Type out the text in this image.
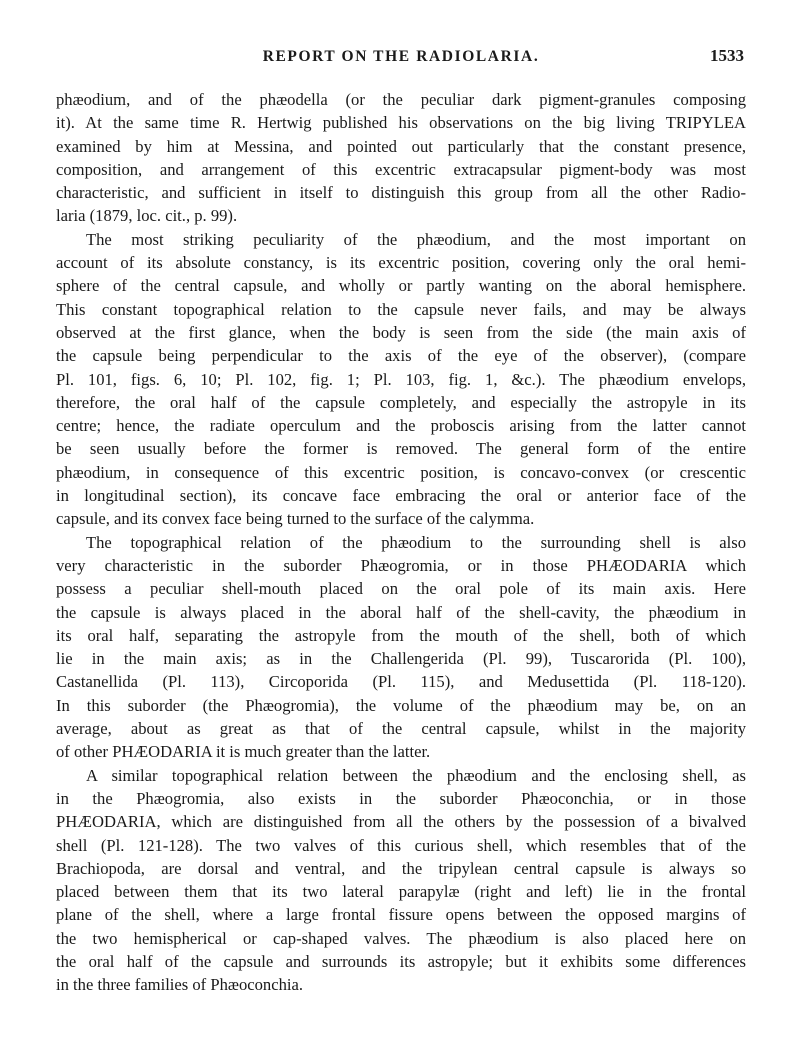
REPORT ON THE RADIOLARIA.	1533
phæodium, and of the phæodella (or the peculiar dark pigment-granules composing
it). At the same time R. Hertwig published his observations on the big living TRIPYLEA
examined by him at Messina, and pointed out particularly that the constant presence,
composition, and arrangement of this excentric extracapsular pigment-body was most
characteristic, and sufficient in itself to distinguish this group from all the other Radio-
laria (1879, loc. cit., p. 99).
The most striking peculiarity of the phæodium, and the most important on
account of its absolute constancy, is its excentric position, covering only the oral hemi-
sphere of the central capsule, and wholly or partly wanting on the aboral hemisphere.
This constant topographical relation to the capsule never fails, and may be always
observed at the first glance, when the body is seen from the side (the main axis of
the capsule being perpendicular to the axis of the eye of the observer), (compare
Pl. 101, figs. 6, 10; Pl. 102, fig. 1; Pl. 103, fig. 1, &c.). The phæodium envelops,
therefore, the oral half of the capsule completely, and especially the astropyle in its
centre; hence, the radiate operculum and the proboscis arising from the latter cannot
be seen usually before the former is removed. The general form of the entire
phæodium, in consequence of this excentric position, is concavo-convex (or crescentic
in longitudinal section), its concave face embracing the oral or anterior face of the
capsule, and its convex face being turned to the surface of the calymma.
The topographical relation of the phæodium to the surrounding shell is also
very characteristic in the suborder Phæogromia, or in those PHÆODARIA which
possess a peculiar shell-mouth placed on the oral pole of its main axis. Here
the capsule is always placed in the aboral half of the shell-cavity, the phæodium in
its oral half, separating the astropyle from the mouth of the shell, both of which
lie in the main axis; as in the Challengerida (Pl. 99), Tuscarorida (Pl. 100),
Castanellida (Pl. 113), Circoporida (Pl. 115), and Medusettida (Pl. 118-120).
In this suborder (the Phæogromia), the volume of the phæodium may be, on an
average, about as great as that of the central capsule, whilst in the majority
of other PHÆODARIA it is much greater than the latter.
A similar topographical relation between the phæodium and the enclosing shell, as
in the Phæogromia, also exists in the suborder Phæoconchia, or in those
PHÆODARIA, which are distinguished from all the others by the possession of a bivalved
shell (Pl. 121-128). The two valves of this curious shell, which resembles that of the
Brachiopoda, are dorsal and ventral, and the tripylean central capsule is always so
placed between them that its two lateral parapylæ (right and left) lie in the frontal
plane of the shell, where a large frontal fissure opens between the opposed margins of
the two hemispherical or cap-shaped valves. The phæodium is also placed here on
the oral half of the capsule and surrounds its astropyle; but it exhibits some differences
in the three families of Phæoconchia.
